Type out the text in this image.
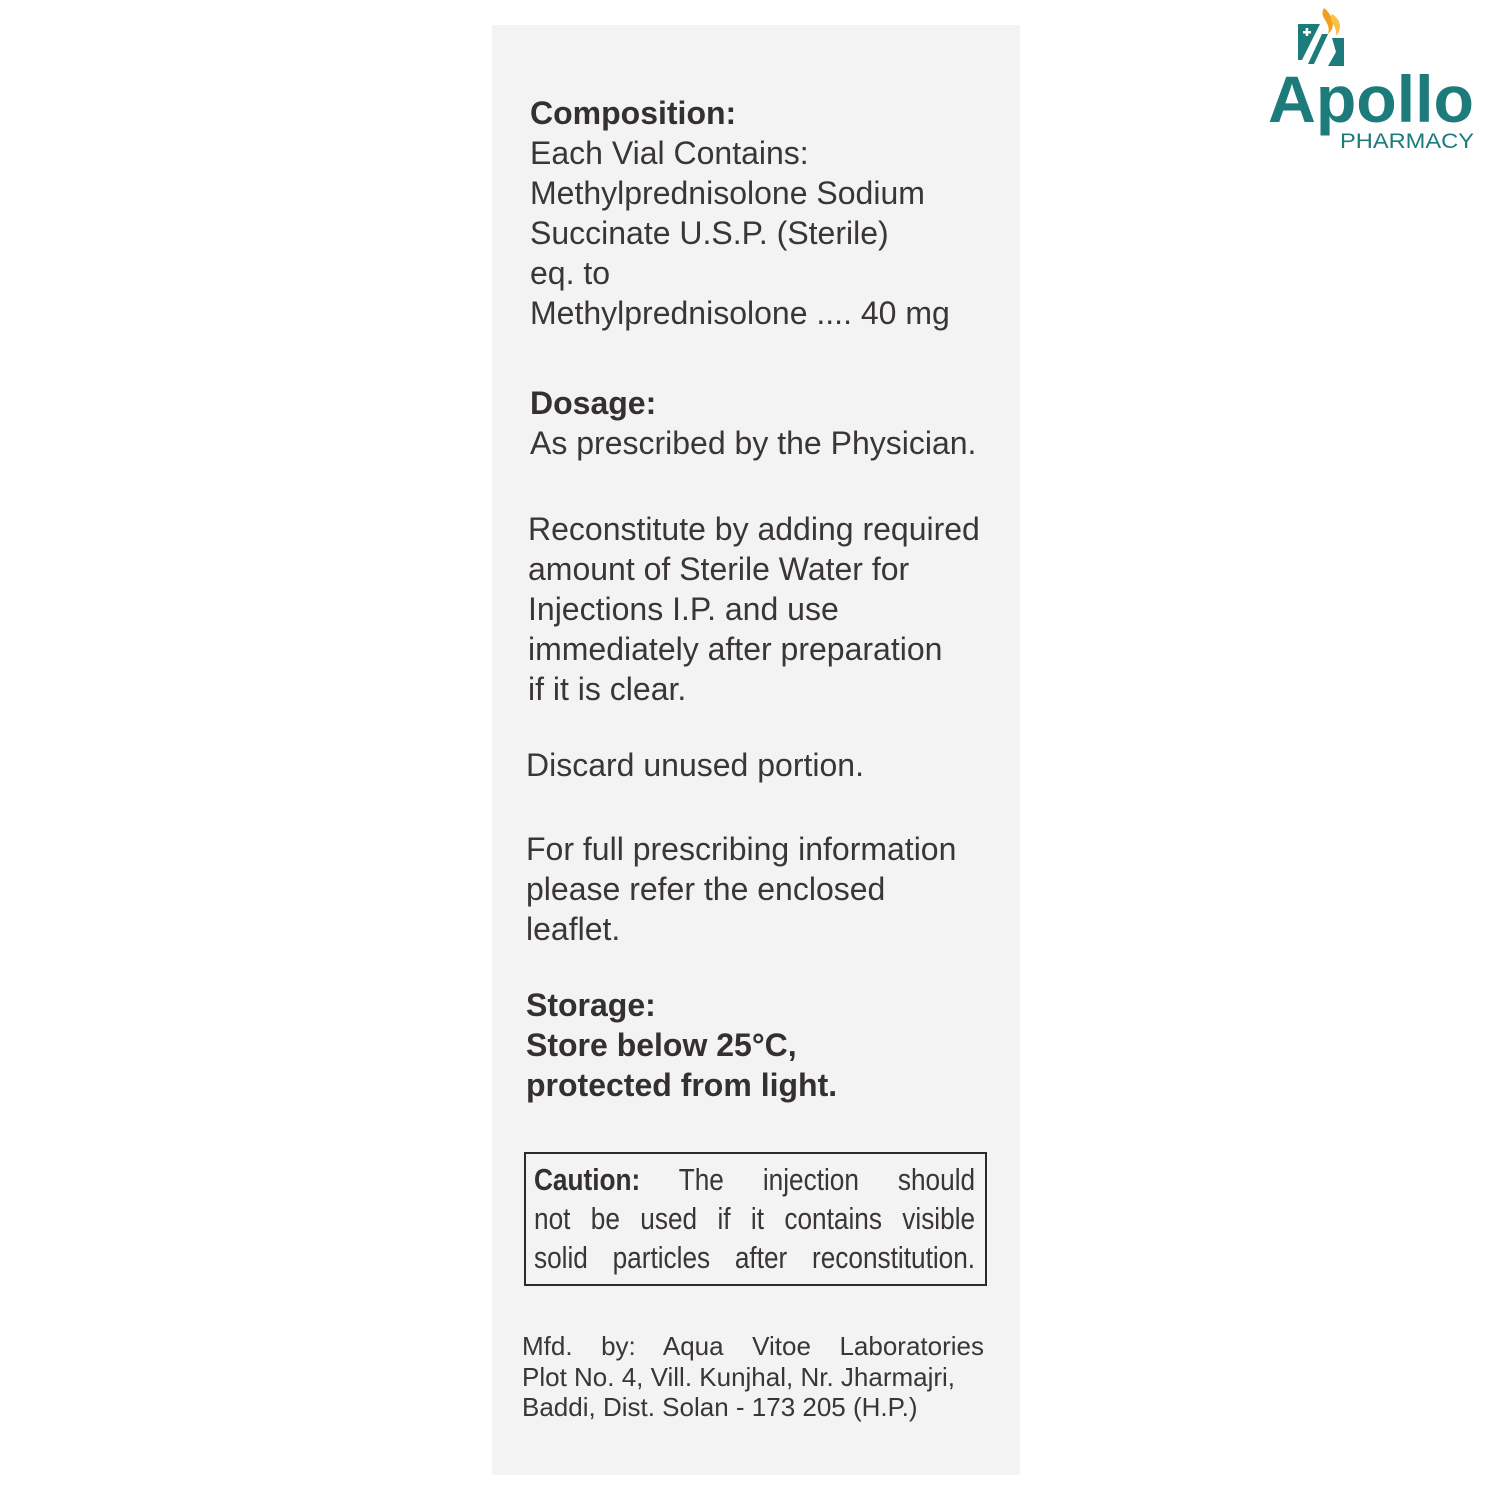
Apollo
PHARMACY
Composition:
Each Vial Contains:
Methylprednisolone Sodium
Succinate U.S.P. (Sterile)
eq. to
Methylprednisolone .... 40 mg
Dosage:
As prescribed by the Physician.
Reconstitute by adding required
amount of Sterile Water for
Injections I.P. and use
immediately after preparation
if it is clear.
Discard unused portion.
For full prescribing information
please refer the enclosed
leaflet.
Storage:
Store below 25°C,
protected from light.
Caution: The injection should
not be used if it contains visible
solid particles after reconstitution.
Mfd. by: Aqua Vitoe Laboratories
Plot No. 4, Vill. Kunjhal, Nr. Jharmajri,
Baddi, Dist. Solan - 173 205 (H.P.)
